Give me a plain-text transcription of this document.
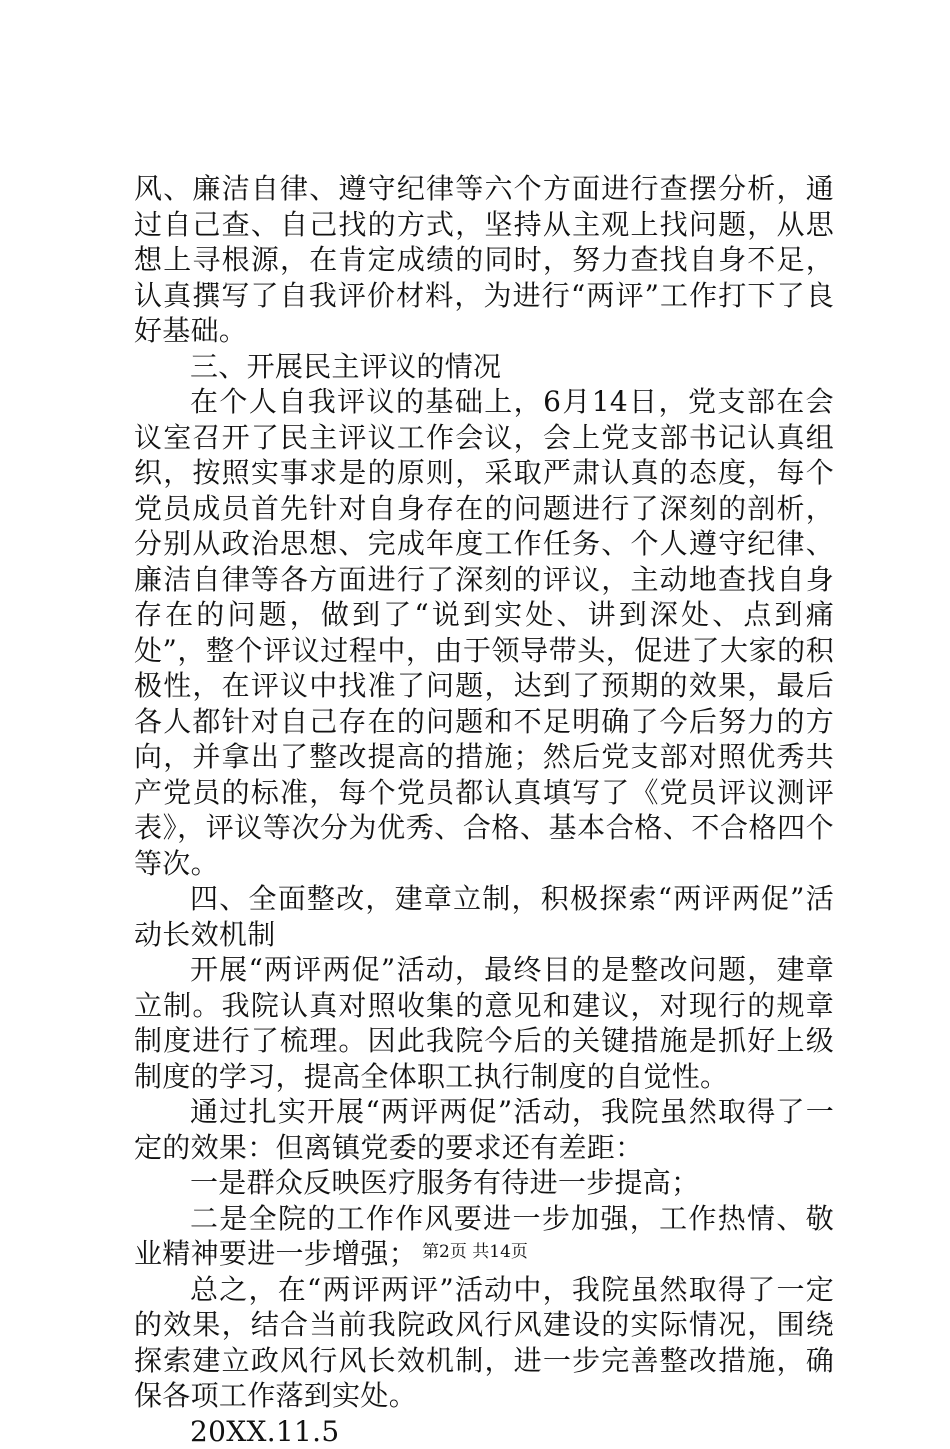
风、廉洁自律、遵守纪律等六个方面进行查摆分析，通过自己查、自己找的方式，坚持从主观上找问题，从思想上寻根源，在肯定成绩的同时，努力查找自身不足，认真撰写了自我评价材料，为进行“两评”工作打下了良好基础。

三、开展民主评议的情况

在个人自我评议的基础上，6月14日，党支部在会议室召开了民主评议工作会议，会上党支部书记认真组织，按照实事求是的原则，采取严肃认真的态度，每个党员成员首先针对自身存在的问题进行了深刻的剖析，分别从政治思想、完成年度工作任务、个人遵守纪律、廉洁自律等各方面进行了深刻的评议，主动地查找自身存在的问题，做到了“说到实处、讲到深处、点到痛处”，整个评议过程中，由于领导带头，促进了大家的积极性，在评议中找准了问题，达到了预期的效果，最后各人都针对自己存在的问题和不足明确了今后努力的方向，并拿出了整改提高的措施；然后党支部对照优秀共产党员的标准，每个党员都认真填写了《党员评议测评表》，评议等次分为优秀、合格、基本合格、不合格四个等次。

四、全面整改，建章立制，积极探索“两评两促”活动长效机制

开展“两评两促”活动，最终目的是整改问题，建章立制。我院认真对照收集的意见和建议，对现行的规章制度进行了梳理。因此我院今后的关键措施是抓好上级制度的学习，提高全体职工执行制度的自觉性。

通过扎实开展“两评两促”活动，我院虽然取得了一定的效果：但离镇党委的要求还有差距：

一是群众反映医疗服务有待进一步提高；

二是全院的工作作风要进一步加强，工作热情、敬业精神要进一步增强；

总之，在“两评两评”活动中，我院虽然取得了一定的效果，结合当前我院政风行风建设的实际情况，围绕探索建立政风行风长效机制，进一步完善整改措施，确保各项工作落到实处。

20XX.11.5

第2页 共14页
